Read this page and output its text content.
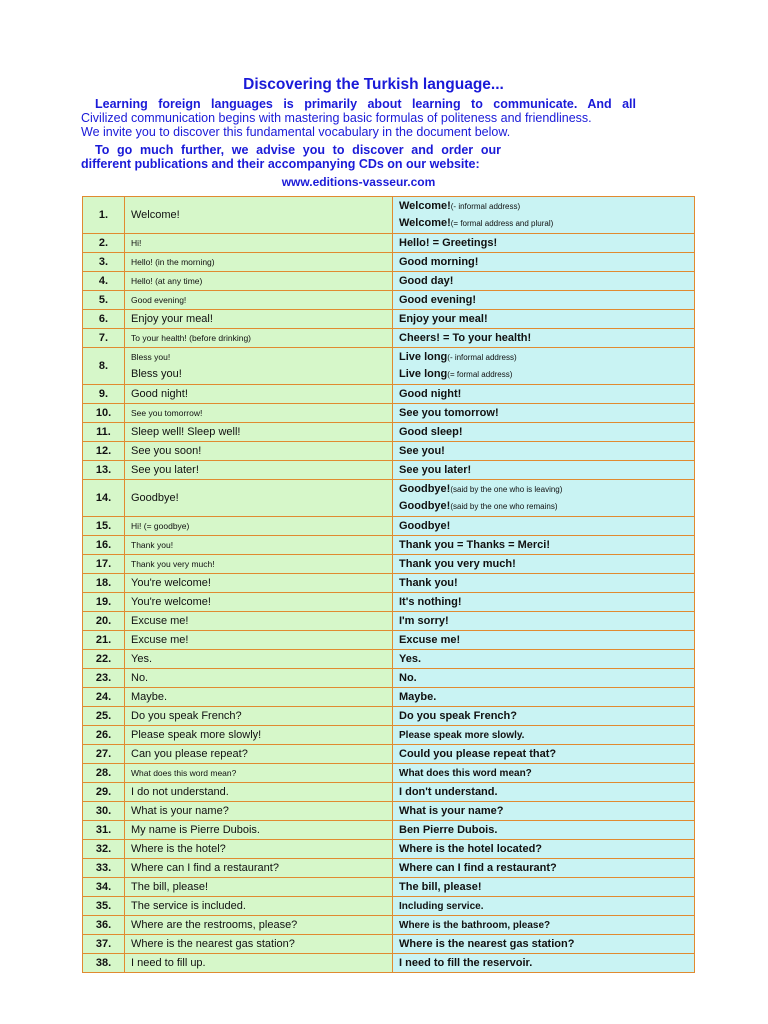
Discovering the Turkish language...
Learning foreign languages is primarily about learning to communicate. And all
Civilized communication begins with mastering basic formulas of politeness and friendliness.
We invite you to discover this fundamental vocabulary in the document below.
To go much further, we advise you to discover and order our
different publications and their accompanying CDs on our website:
www.editions-vasseur.com
1.	Welcome!	Welcome!(- informal address)
Welcome!(= formal address and plural)

2.	Hi!	Hello! = Greetings!
3.	Hello! (in the morning)	Good morning!
4.	Hello! (at any time)	Good day!
5.	Good evening!	Good evening!
6.	Enjoy your meal!	Enjoy your meal!
7.	To your health! (before drinking)	Cheers! = To your health!
8.	Bless you!
Bless you!	Live long(- informal address)
Live long(= formal address)

9.	Good night!	Good night!
10.	See you tomorrow!	See you tomorrow!
11.	Sleep well! Sleep well!	Good sleep!
12.	See you soon!	See you!
13.	See you later!	See you later!
14.	Goodbye!	Goodbye!(said by the one who is leaving)
Goodbye!(said by the one who remains)

15.	Hi! (= goodbye)	Goodbye!
16.	Thank you!	Thank you = Thanks = Merci!
17.	Thank you very much!	Thank you very much!
18.	You're welcome!	Thank you!
19.	You're welcome!	It's nothing!
20.	Excuse me!	I'm sorry!
21.	Excuse me!	Excuse me!
22.	Yes.	Yes.
23.	No.	No.
24.	Maybe.	Maybe.
25.	Do you speak French?	Do you speak French?
26.	Please speak more slowly!	Please speak more slowly.
27.	Can you please repeat?	Could you please repeat that?
28.	What does this word mean?	What does this word mean?
29.	I do not understand.	I don't understand.
30.	What is your name?	What is your name?
31.	My name is Pierre Dubois.	Ben Pierre Dubois.
32.	Where is the hotel?	Where is the hotel located?
33.	Where can I find a restaurant?	Where can I find a restaurant?
34.	The bill, please!	The bill, please!
35.	The service is included.	Including service.
36.	Where are the restrooms, please?	Where is the bathroom, please?
37.	Where is the nearest gas station?	Where is the nearest gas station?
38.	I need to fill up.	I need to fill the reservoir.
